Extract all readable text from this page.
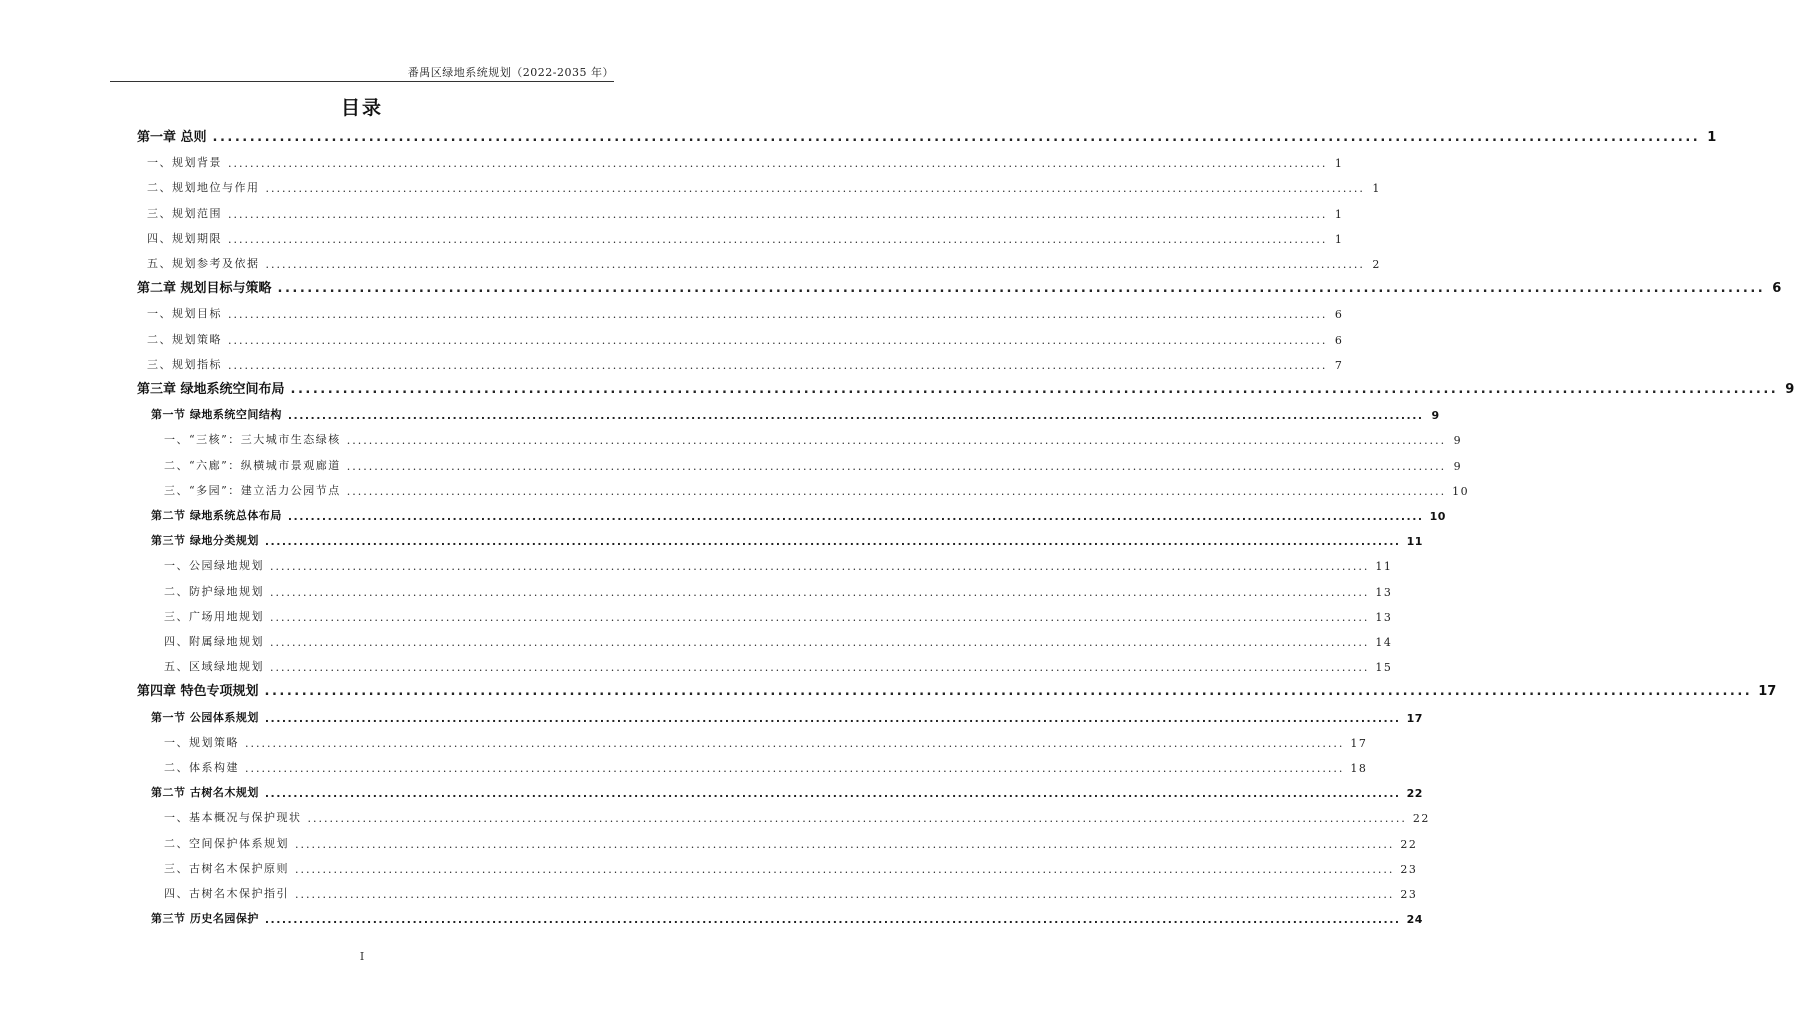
番禺区绿地系统规划（2022-2035 年）
目录
第一章 总则 ........................................................................................................................................................................................................ 1
一、规划背景 ........................................................................................................................................................................................................ 1
二、规划地位与作用 ........................................................................................................................................................................................................ 1
三、规划范围 ........................................................................................................................................................................................................ 1
四、规划期限 ........................................................................................................................................................................................................ 1
五、规划参考及依据 ........................................................................................................................................................................................................ 2
第二章 规划目标与策略 ........................................................................................................................................................................................................ 6
一、规划目标 ........................................................................................................................................................................................................ 6
二、规划策略 ........................................................................................................................................................................................................ 6
三、规划指标 ........................................................................................................................................................................................................ 7
第三章 绿地系统空间布局 ........................................................................................................................................................................................................ 9
第一节 绿地系统空间结构 ........................................................................................................................................................................................................ 9
一、“三核”：三大城市生态绿核 ........................................................................................................................................................................................................ 9
二、“六廊”：纵横城市景观廊道 ........................................................................................................................................................................................................ 9
三、“多园”：建立活力公园节点 ........................................................................................................................................................................................................ 10
第二节 绿地系统总体布局 ........................................................................................................................................................................................................ 10
第三节 绿地分类规划 ........................................................................................................................................................................................................ 11
一、公园绿地规划 ........................................................................................................................................................................................................ 11
二、防护绿地规划 ........................................................................................................................................................................................................ 13
三、广场用地规划 ........................................................................................................................................................................................................ 13
四、附属绿地规划 ........................................................................................................................................................................................................ 14
五、区域绿地规划 ........................................................................................................................................................................................................ 15
第四章 特色专项规划 ........................................................................................................................................................................................................ 17
第一节 公园体系规划 ........................................................................................................................................................................................................ 17
一、规划策略 ........................................................................................................................................................................................................ 17
二、体系构建 ........................................................................................................................................................................................................ 18
第二节 古树名木规划 ........................................................................................................................................................................................................ 22
一、基本概况与保护现状 ........................................................................................................................................................................................................ 22
二、空间保护体系规划 ........................................................................................................................................................................................................ 22
三、古树名木保护原则 ........................................................................................................................................................................................................ 23
四、古树名木保护指引 ........................................................................................................................................................................................................ 23
第三节 历史名园保护 ........................................................................................................................................................................................................ 24
I
